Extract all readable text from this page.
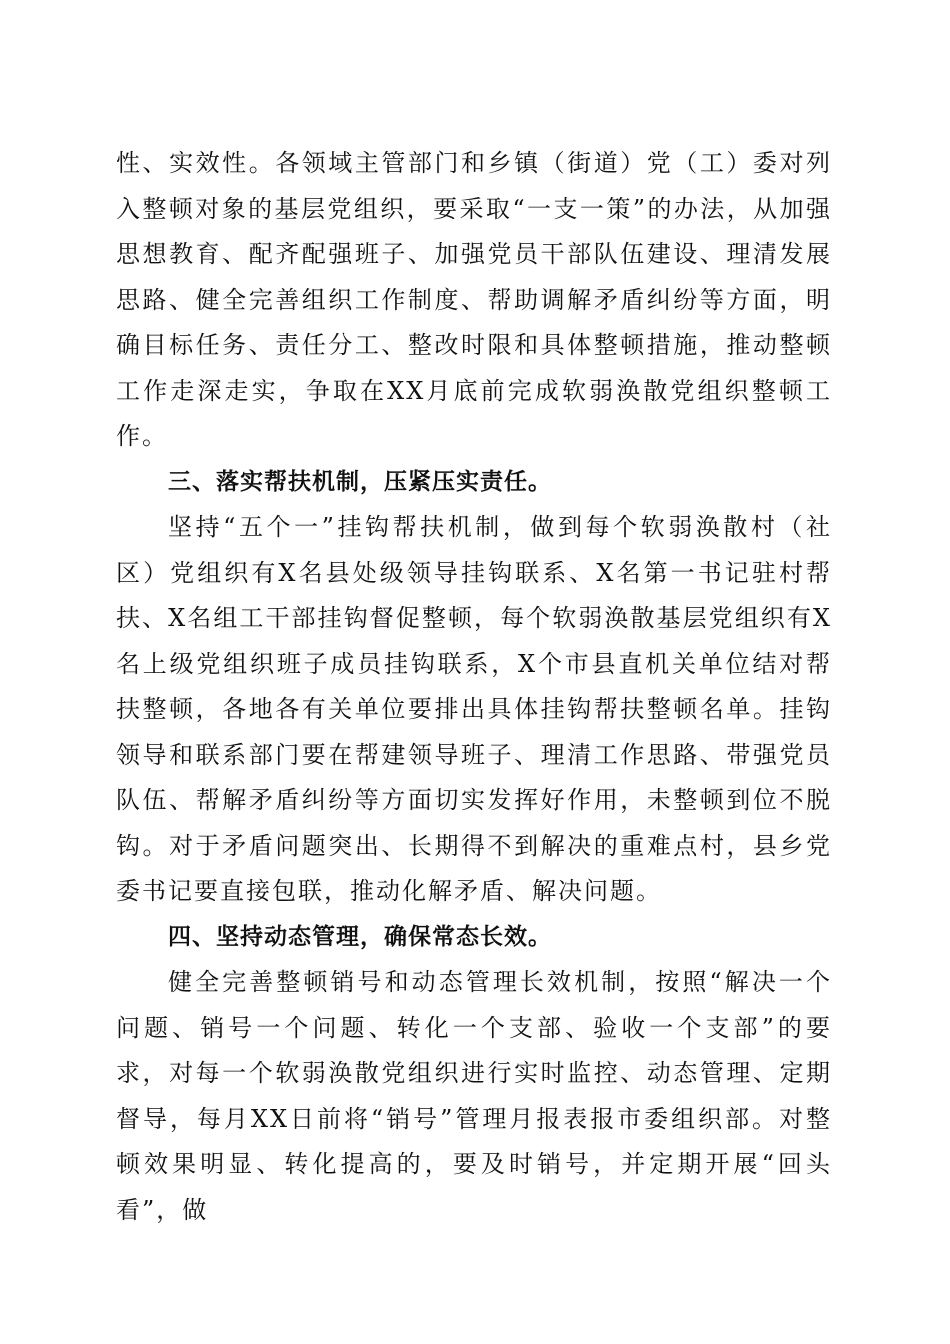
性、实效性。各领域主管部门和乡镇（街道）党（工）委对列入整顿对象的基层党组织，要采取“一支一策”的办法，从加强思想教育、配齐配强班子、加强党员干部队伍建设、理清发展思路、健全完善组织工作制度、帮助调解矛盾纠纷等方面，明确目标任务、责任分工、整改时限和具体整顿措施，推动整顿工作走深走实，争取在XX月底前完成软弱涣散党组织整顿工作。

三、落实帮扶机制，压紧压实责任。

坚持“五个一”挂钩帮扶机制，做到每个软弱涣散村（社区）党组织有X名县处级领导挂钩联系、X名第一书记驻村帮扶、X名组工干部挂钩督促整顿，每个软弱涣散基层党组织有X名上级党组织班子成员挂钩联系，X个市县直机关单位结对帮扶整顿，各地各有关单位要排出具体挂钩帮扶整顿名单。挂钩领导和联系部门要在帮建领导班子、理清工作思路、带强党员队伍、帮解矛盾纠纷等方面切实发挥好作用，未整顿到位不脱钩。对于矛盾问题突出、长期得不到解决的重难点村，县乡党委书记要直接包联，推动化解矛盾、解决问题。

四、坚持动态管理，确保常态长效。

健全完善整顿销号和动态管理长效机制，按照“解决一个问题、销号一个问题、转化一个支部、验收一个支部”的要求，对每一个软弱涣散党组织进行实时监控、动态管理、定期督导，每月XX日前将“销号”管理月报表报市委组织部。对整顿效果明显、转化提高的，要及时销号，并定期开展“回头看”，做
